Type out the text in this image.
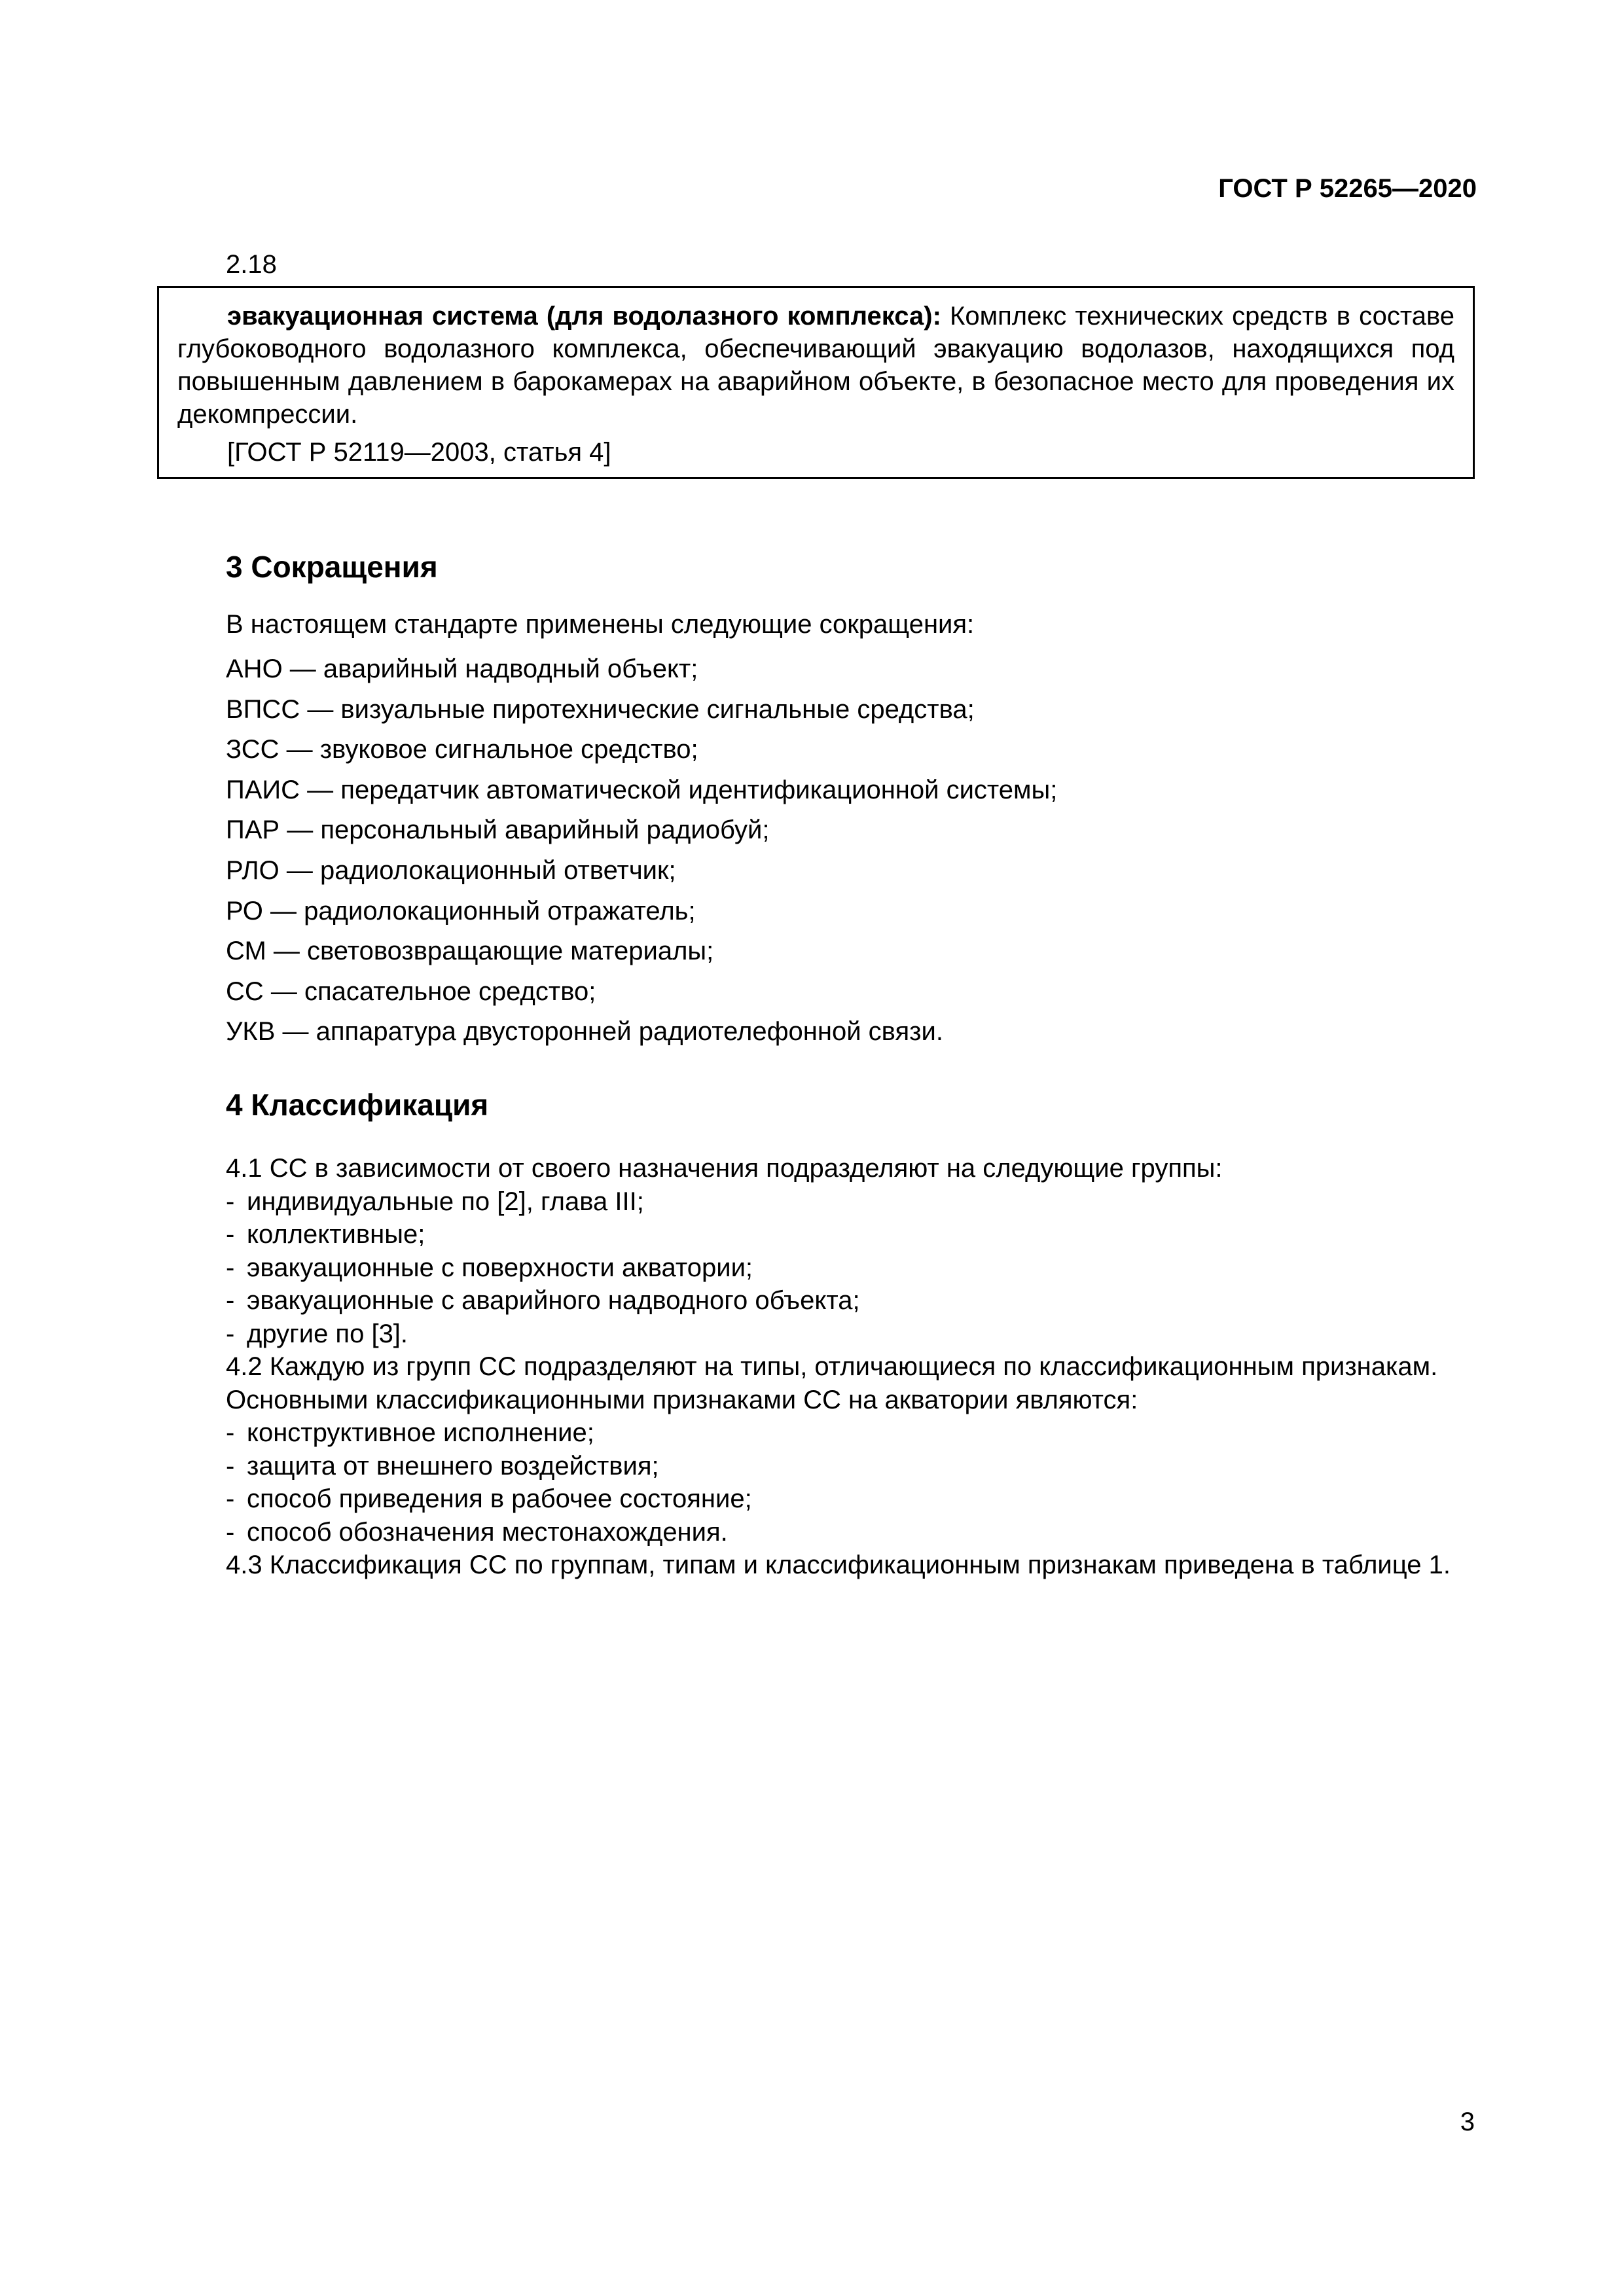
ГОСТ Р 52265—2020
2.18

эвакуационная система (для водолазного комплекса): Комплекс технических средств в составе глубоководного водолазного комплекса, обеспечивающий эвакуацию водолазов, находящихся под повышенным давлением в барокамерах на аварийном объекте, в безопасное место для проведения их декомпрессии.

[ГОСТ Р 52119—2003, статья 4]

3 Сокращения

В настоящем стандарте применены следующие сокращения:

АНО — аварийный надводный объект;
ВПСС — визуальные пиротехнические сигнальные средства;
ЗСС — звуковое сигнальное средство;
ПАИС — передатчик автоматической идентификационной системы;
ПАР — персональный аварийный радиобуй;
РЛО — радиолокационный ответчик;
РО — радиолокационный отражатель;
СМ — световозвращающие материалы;
СС — спасательное средство;
УКВ — аппаратура двусторонней радиотелефонной связи.
4 Классификация

4.1 СС в зависимости от своего назначения подразделяют на следующие группы:

- индивидуальные по [2], глава III;

- коллективные;

- эвакуационные с поверхности акватории;

- эвакуационные с аварийного надводного объекта;

- другие по [3].

4.2 Каждую из групп СС подразделяют на типы, отличающиеся по классификационным признакам.

Основными классификационными признаками СС на акватории являются:

- конструктивное исполнение;

- защита от внешнего воздействия;

- способ приведения в рабочее состояние;

- способ обозначения местонахождения.

4.3 Классификация СС по группам, типам и классификационным признакам приведена в таблице 1.

3
